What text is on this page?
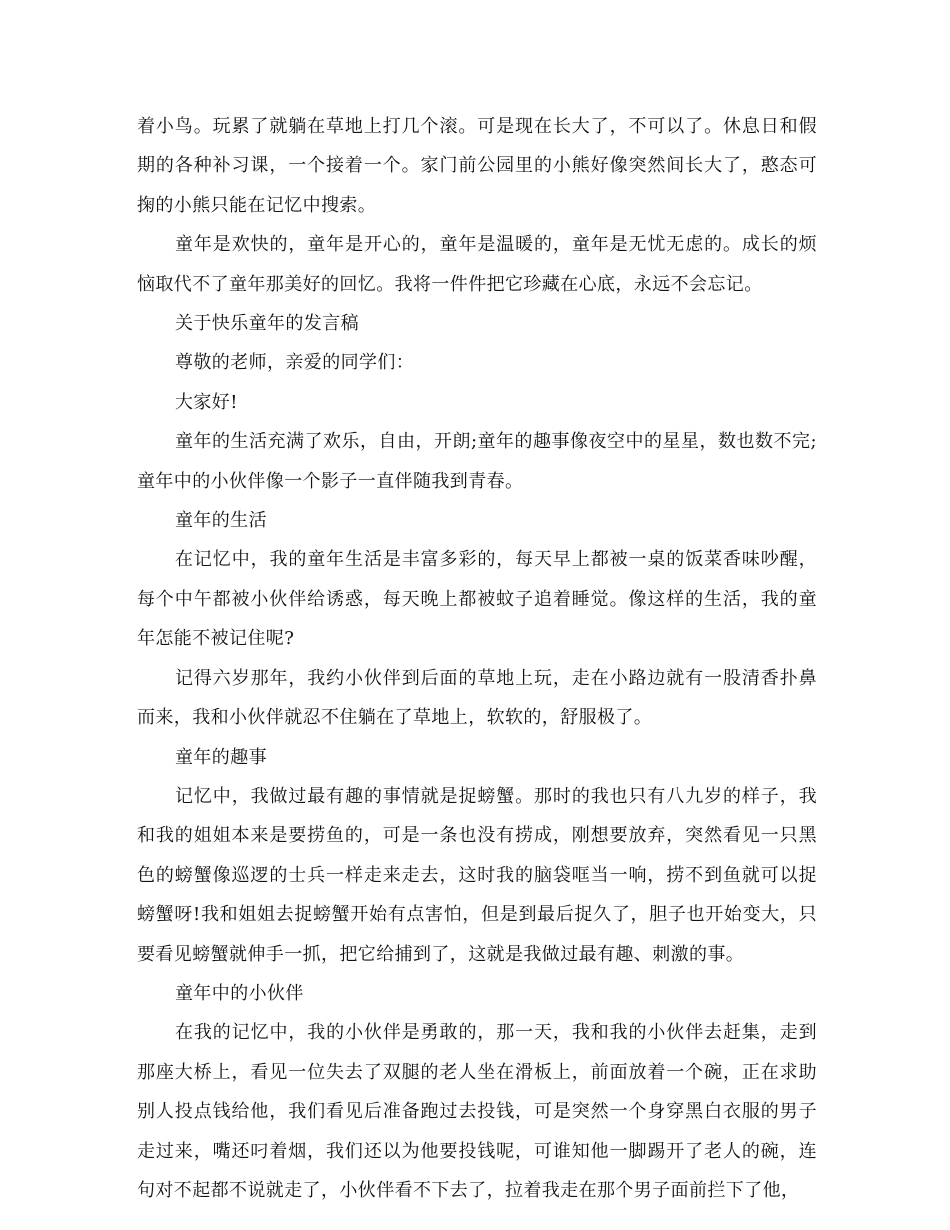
着小鸟。玩累了就躺在草地上打几个滚。可是现在长大了，不可以了。休息日和假期的各种补习课，一个接着一个。家门前公园里的小熊好像突然间长大了，憨态可掬的小熊只能在记忆中搜索。

童年是欢快的，童年是开心的，童年是温暖的，童年是无忧无虑的。成长的烦恼取代不了童年那美好的回忆。我将一件件把它珍藏在心底，永远不会忘记。

关于快乐童年的发言稿

尊敬的老师，亲爱的同学们：

大家好!

童年的生活充满了欢乐，自由，开朗;童年的趣事像夜空中的星星，数也数不完;童年中的小伙伴像一个影子一直伴随我到青春。

童年的生活

在记忆中，我的童年生活是丰富多彩的，每天早上都被一桌的饭菜香味吵醒，每个中午都被小伙伴给诱惑，每天晚上都被蚊子追着睡觉。像这样的生活，我的童年怎能不被记住呢?

记得六岁那年，我约小伙伴到后面的草地上玩，走在小路边就有一股清香扑鼻而来，我和小伙伴就忍不住躺在了草地上，软软的，舒服极了。

童年的趣事

记忆中，我做过最有趣的事情就是捉螃蟹。那时的我也只有八九岁的样子，我和我的姐姐本来是要捞鱼的，可是一条也没有捞成，刚想要放弃，突然看见一只黑色的螃蟹像巡逻的士兵一样走来走去，这时我的脑袋哐当一响，捞不到鱼就可以捉螃蟹呀!我和姐姐去捉螃蟹开始有点害怕，但是到最后捉久了，胆子也开始变大，只要看见螃蟹就伸手一抓，把它给捕到了，这就是我做过最有趣、刺激的事。

童年中的小伙伴

在我的记忆中，我的小伙伴是勇敢的，那一天，我和我的小伙伴去赶集，走到那座大桥上，看见一位失去了双腿的老人坐在滑板上，前面放着一个碗，正在求助别人投点钱给他，我们看见后准备跑过去投钱，可是突然一个身穿黑白衣服的男子走过来，嘴还叼着烟，我们还以为他要投钱呢，可谁知他一脚踢开了老人的碗，连句对不起都不说就走了，小伙伴看不下去了，拉着我走在那个男子面前拦下了他，
